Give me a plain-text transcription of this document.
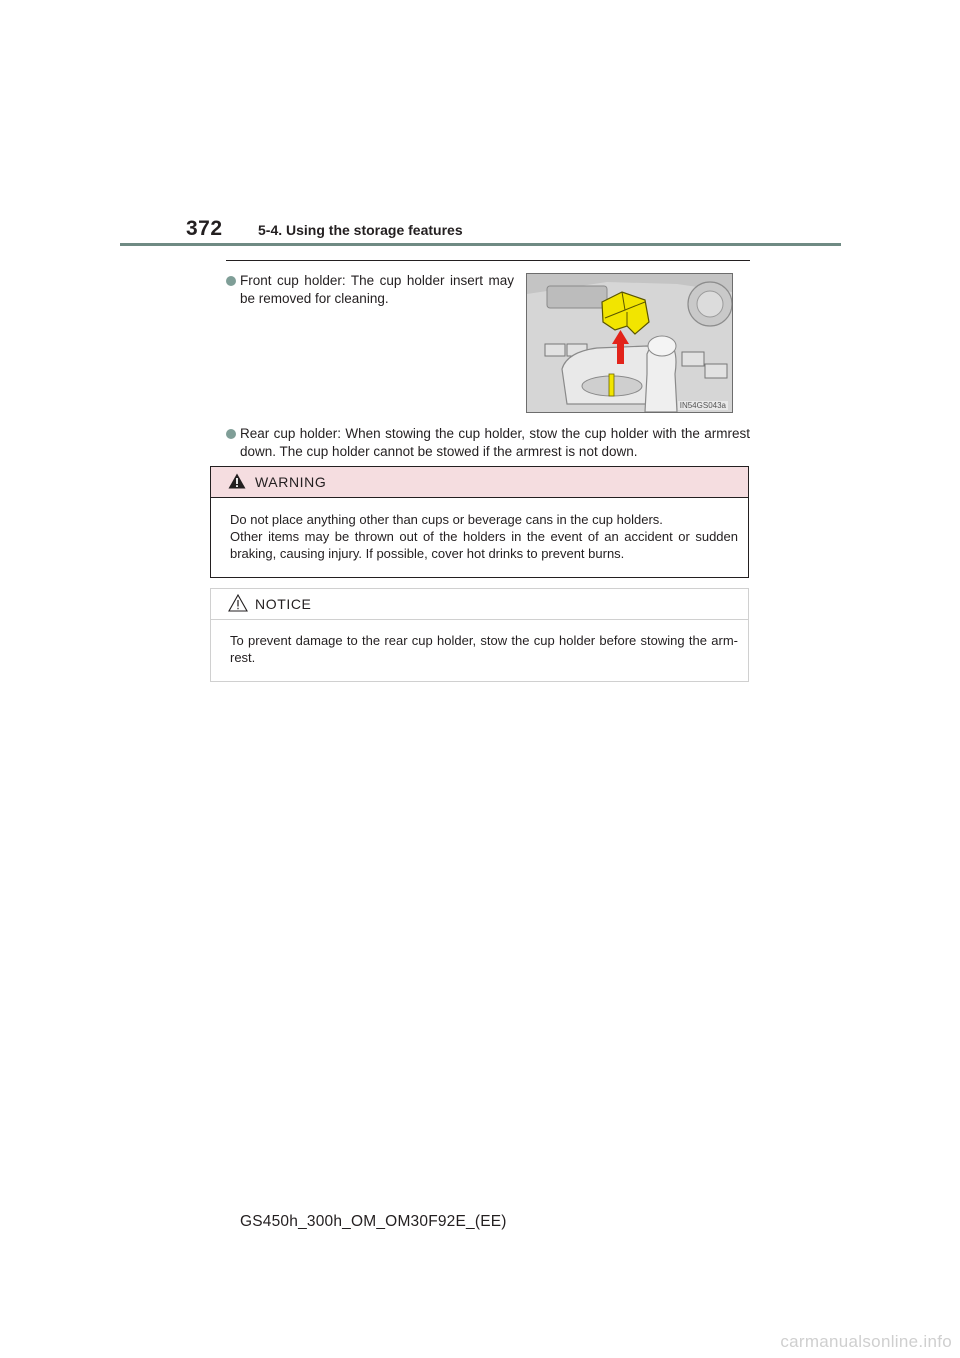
372	5-4. Using the storage features
Front cup holder: The cup holder insert may be removed for cleaning.
IN54GS043a
Rear cup holder: When stowing the cup holder, stow the cup holder with the armrest down. The cup holder cannot be stowed if the armrest is not down.
WARNING

Do not place anything other than cups or beverage cans in the cup holders.

Other items may be thrown out of the holders in the event of an accident or sudden braking, causing injury. If possible, cover hot drinks to prevent burns.

NOTICE

To prevent damage to the rear cup holder, stow the cup holder before stowing the arm-rest.

GS450h_300h_OM_OM30F92E_(EE)
carmanualsonline.info
